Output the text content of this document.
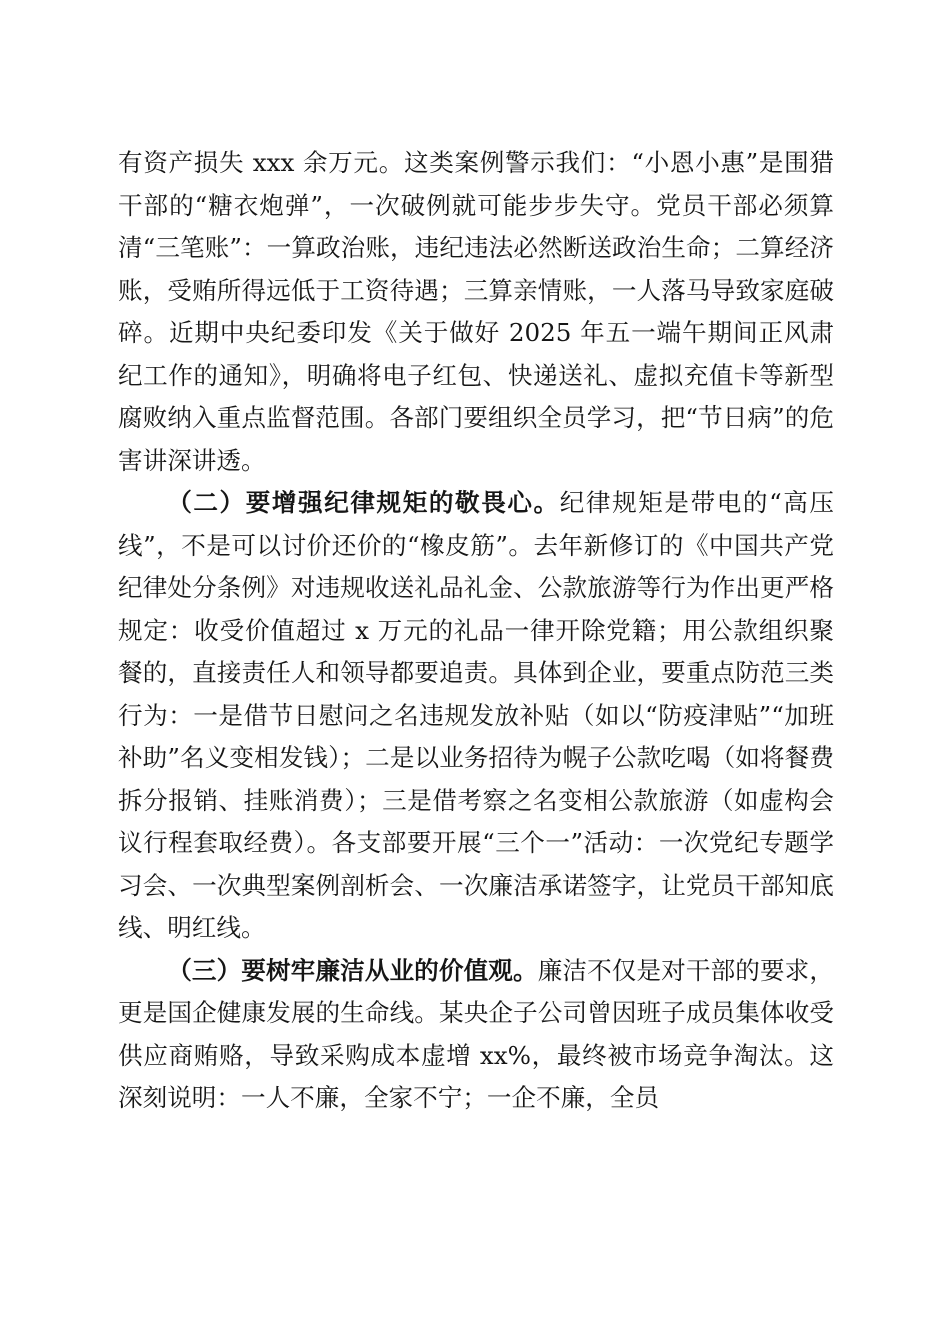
有资产损失 xxx 余万元。这类案例警示我们：“小恩小惠”是围猎干部的“糖衣炮弹”，一次破例就可能步步失守。党员干部必须算清“三笔账”：一算政治账，违纪违法必然断送政治生命；二算经济账，受贿所得远低于工资待遇；三算亲情账，一人落马导致家庭破碎。近期中央纪委印发《关于做好 2025 年五一端午期间正风肃纪工作的通知》，明确将电子红包、快递送礼、虚拟充值卡等新型腐败纳入重点监督范围。各部门要组织全员学习，把“节日病”的危害讲深讲透。

（二）要增强纪律规矩的敬畏心。纪律规矩是带电的“高压线”，不是可以讨价还价的“橡皮筋”。去年新修订的《中国共产党纪律处分条例》对违规收送礼品礼金、公款旅游等行为作出更严格规定：收受价值超过 x 万元的礼品一律开除党籍；用公款组织聚餐的，直接责任人和领导都要追责。具体到企业，要重点防范三类行为：一是借节日慰问之名违规发放补贴（如以“防疫津贴”“加班补助”名义变相发钱）；二是以业务招待为幌子公款吃喝（如将餐费拆分报销、挂账消费）；三是借考察之名变相公款旅游（如虚构会议行程套取经费）。各支部要开展“三个一”活动：一次党纪专题学习会、一次典型案例剖析会、一次廉洁承诺签字，让党员干部知底线、明红线。

（三）要树牢廉洁从业的价值观。廉洁不仅是对干部的要求，更是国企健康发展的生命线。某央企子公司曾因班子成员集体收受供应商贿赂，导致采购成本虚增 xx%，最终被市场竞争淘汰。这深刻说明：一人不廉，全家不宁；一企不廉，全员
